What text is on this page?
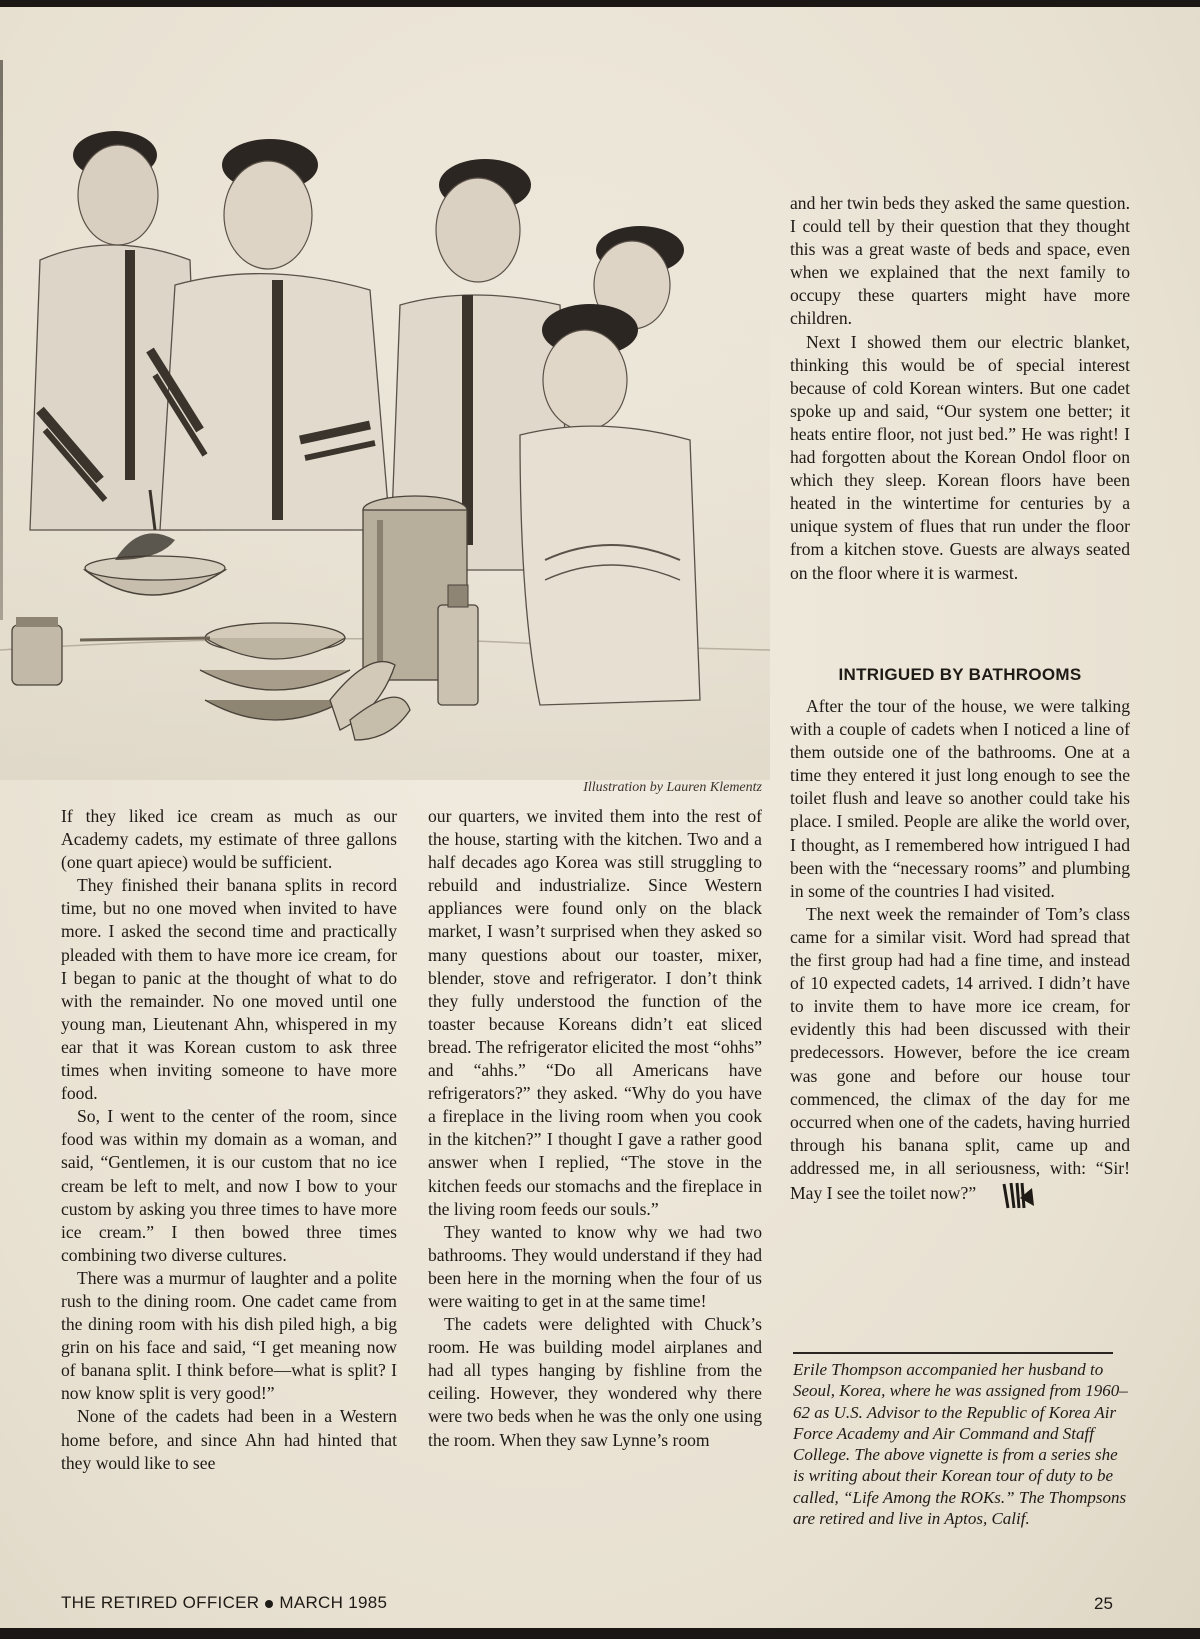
Illustration by Lauren Klementz

and her twin beds they asked the same question. I could tell by their question that they thought this was a great waste of beds and space, even when we explained that the next family to occupy these quarters might have more children.

Next I showed them our electric blanket, thinking this would be of special interest because of cold Korean winters. But one cadet spoke up and said, “Our system one better; it heats entire floor, not just bed.” He was right! I had forgotten about the Korean Ondol floor on which they sleep. Korean floors have been heated in the wintertime for centuries by a unique system of flues that run under the floor from a kitchen stove. Guests are always seated on the floor where it is warmest.

INTRIGUED BY BATHROOMS

After the tour of the house, we were talking with a couple of cadets when I noticed a line of them outside one of the bathrooms. One at a time they entered it just long enough to see the toilet flush and leave so another could take his place. I smiled. People are alike the world over, I thought, as I remembered how intrigued I had been with the “necessary rooms” and plumbing in some of the countries I had visited.

The next week the remainder of Tom’s class came for a similar visit. Word had spread that the first group had had a fine time, and instead of 10 expected cadets, 14 arrived. I didn’t have to invite them to have more ice cream, for evidently this had been discussed with their predecessors. However, before the ice cream was gone and before our house tour commenced, the climax of the day for me occurred when one of the cadets, having hurried through his banana split, came up and addressed me, in all seriousness, with: “Sir! May I see the toilet now?”

If they liked ice cream as much as our Academy cadets, my estimate of three gallons (one quart apiece) would be sufficient.

They finished their banana splits in record time, but no one moved when invited to have more. I asked the second time and practically pleaded with them to have more ice cream, for I began to panic at the thought of what to do with the remainder. No one moved until one young man, Lieutenant Ahn, whispered in my ear that it was Korean custom to ask three times when inviting someone to have more food.

So, I went to the center of the room, since food was within my domain as a woman, and said, “Gentlemen, it is our custom that no ice cream be left to melt, and now I bow to your custom by asking you three times to have more ice cream.” I then bowed three times combining two diverse cultures.

There was a murmur of laughter and a polite rush to the dining room. One cadet came from the dining room with his dish piled high, a big grin on his face and said, “I get meaning now of banana split. I think before—what is split? I now know split is very good!”

None of the cadets had been in a Western home before, and since Ahn had hinted that they would like to see

our quarters, we invited them into the rest of the house, starting with the kitchen. Two and a half decades ago Korea was still struggling to rebuild and industrialize. Since Western appliances were found only on the black market, I wasn’t surprised when they asked so many questions about our toaster, mixer, blender, stove and refrigerator. I don’t think they fully understood the function of the toaster because Koreans didn’t eat sliced bread. The refrigerator elicited the most “ohhs” and “ahhs.” “Do all Americans have refrigerators?” they asked. “Why do you have a fireplace in the living room when you cook in the kitchen?” I thought I gave a rather good answer when I replied, “The stove in the kitchen feeds our stomachs and the fireplace in the living room feeds our souls.”

They wanted to know why we had two bathrooms. They would understand if they had been here in the morning when the four of us were waiting to get in at the same time!

The cadets were delighted with Chuck’s room. He was building model airplanes and had all types hanging by fishline from the ceiling. However, they wondered why there were two beds when he was the only one using the room. When they saw Lynne’s room

Erile Thompson accompanied her husband to Seoul, Korea, where he was assigned from 1960–62 as U.S. Advisor to the Republic of Korea Air Force Academy and Air Command and Staff College. The above vignette is from a series she is writing about their Korean tour of duty to be called, “Life Among the ROKs.” The Thompsons are retired and live in Aptos, Calif.
THE RETIRED OFFICER MARCH 1985	25
